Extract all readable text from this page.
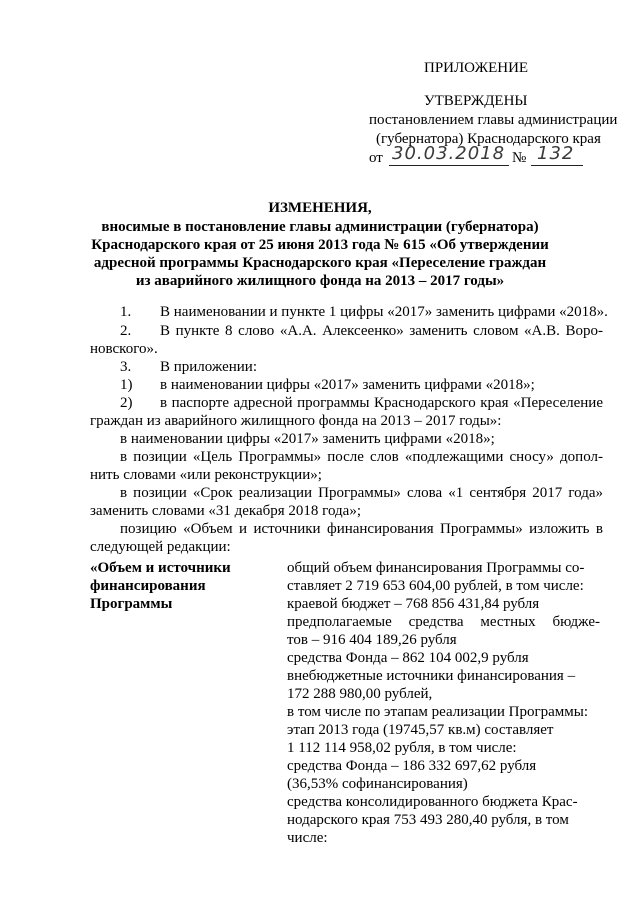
ПРИЛОЖЕНИЕ
УТВЕРЖДЕНЫ
постановлением главы администрации
(губернатора) Краснодарского края
от 30.03.2018 № 132
ИЗМЕНЕНИЯ,
вносимые в постановление главы администрации (губернатора)
Краснодарского края от 25 июня 2013 года № 615 «Об утверждении
адресной программы Краснодарского края «Переселение граждан
из аварийного жилищного фонда на 2013 – 2017 годы»
1. В наименовании и пункте 1 цифры «2017» заменить цифрами «2018».
2. В пункте 8 слово «А.А. Алексеенко» заменить словом «А.В. Воро-
новского».
3. В приложении:
1) в наименовании цифры «2017» заменить цифрами «2018»;
2) в паспорте адресной программы Краснодарского края «Переселение
граждан из аварийного жилищного фонда на 2013 – 2017 годы»:
в наименовании цифры «2017» заменить цифрами «2018»;
в позиции «Цель Программы» после слов «подлежащими сносу» допол-
нить словами «или реконструкции»;
в позиции «Срок реализации Программы» слова «1 сентября 2017 года»
заменить словами «31 декабря 2018 года»;
позицию «Объем и источники финансирования Программы» изложить в
следующей редакции:
«Объем и источники
финансирования
Программы
общий объем финансирования Программы со-
ставляет 2 719 653 604,00 рублей, в том числе:
краевой бюджет – 768 856 431,84 рубля
предполагаемые средства местных бюдже-
тов – 916 404 189,26 рубля
средства Фонда – 862 104 002,9 рубля
внебюджетные источники финансирования –
172 288 980,00 рублей,
в том числе по этапам реализации Программы:
этап 2013 года (19745,57 кв.м) составляет
1 112 114 958,02 рубля, в том числе:
средства Фонда – 186 332 697,62 рубля
(36,53% софинансирования)
средства консолидированного бюджета Крас-
нодарского края 753 493 280,40 рубля, в том
числе:
